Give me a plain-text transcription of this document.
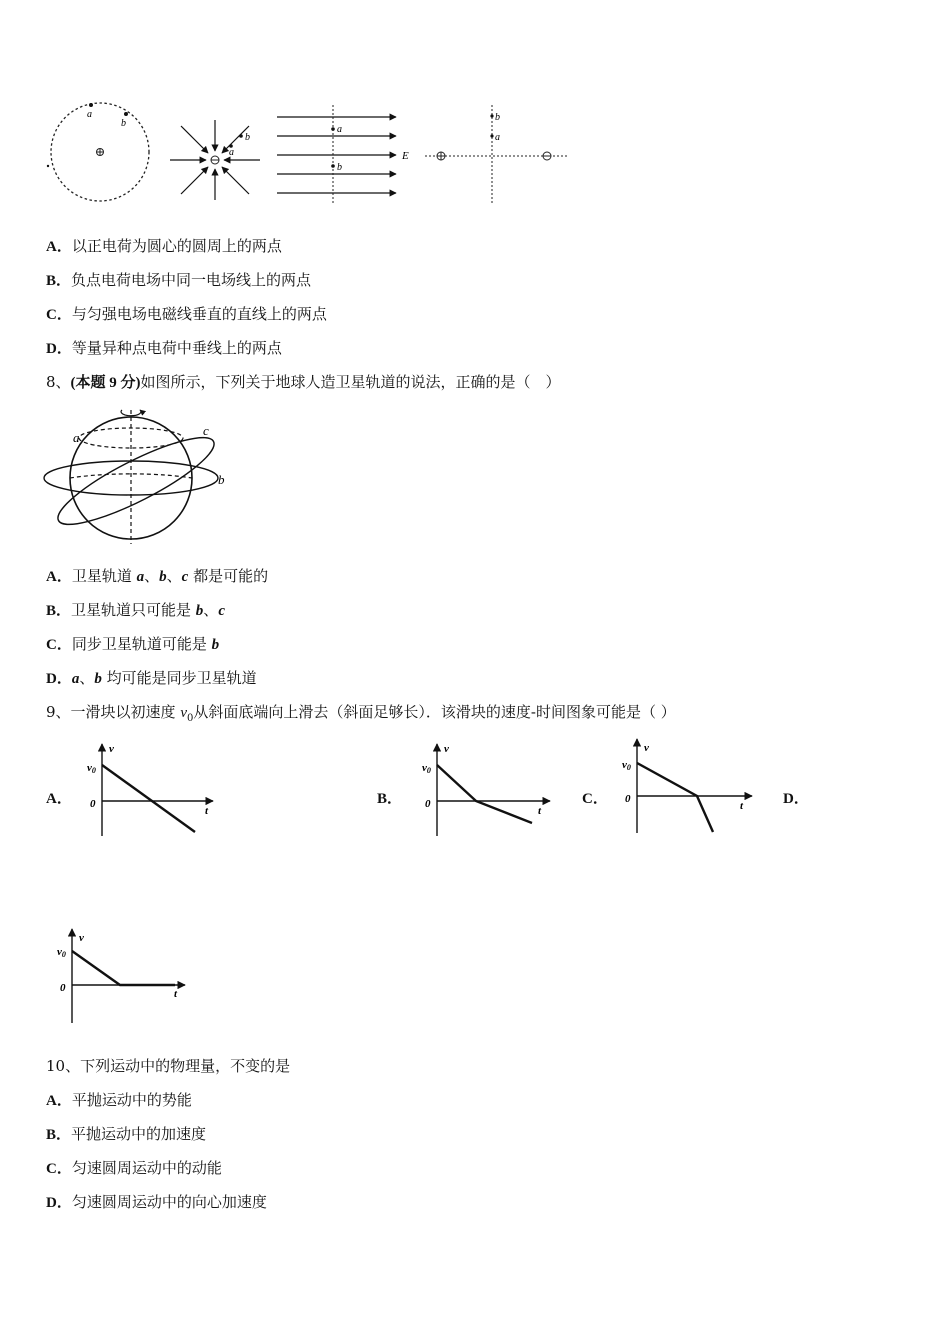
a
b
b
a
a
b
E
b
a
A．以正电荷为圆心的圆周上的两点
B．负点电荷电场中同一电场线上的两点
C．与匀强电场电磁线垂直的直线上的两点
D．等量异种点电荷中垂线上的两点
8、(本题 9 分)如图所示，下列关于地球人造卫星轨道的说法，正确的是（　）
a	c
b
A．卫星轨道 a、b、c 都是可能的
B．卫星轨道只可能是 b、c
C．同步卫星轨道可能是 b
D．a、b 均可能是同步卫星轨道
9、一滑块以初速度 $v_0$从斜面底端向上滑去（斜面足够长）．该滑块的速度-时间图象可能是（ ）
A．	B．	C．	D．
v
v0
0
t
v
v0
0
t
v
v0
0
t
v
v0
0	t
10、下列运动中的物理量，不变的是
A．平抛运动中的势能
B．平抛运动中的加速度
C．匀速圆周运动中的动能
D．匀速圆周运动中的向心加速度
